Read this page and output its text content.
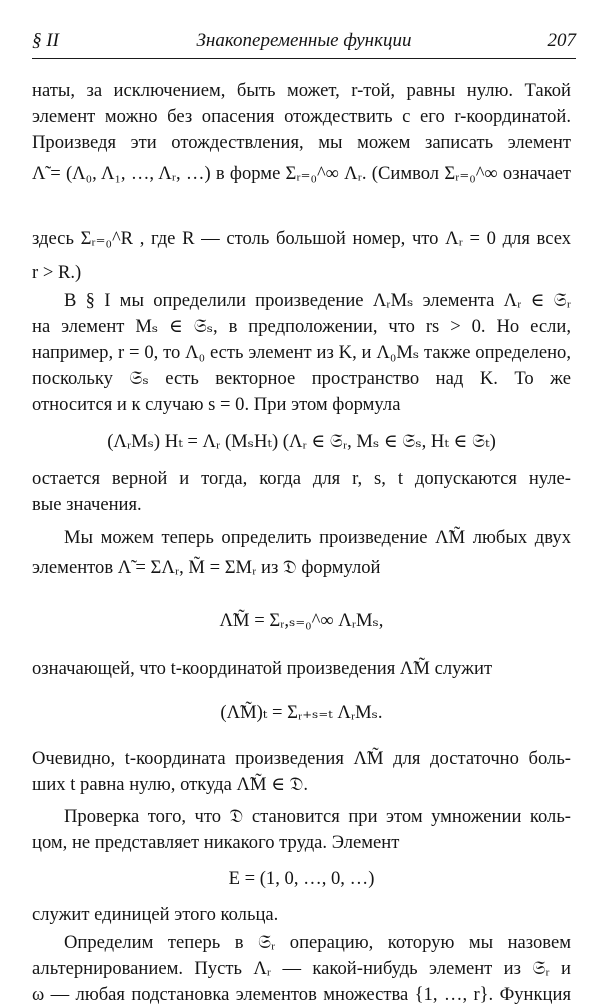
§ II	Знакопеременные функции	207
наты, за исключением, быть может, r-той, равны нулю. Такой
элемент можно без опасения отождествить с его r-координатой.
Произведя эти отождествления, мы можем записать элемент
Λ̃ = (Λ₀, Λ₁, …, Λᵣ, …) в форме Σᵣ₌₀^∞ Λᵣ. (Символ Σᵣ₌₀^∞ означает
здесь Σᵣ₌₀^R , где R — столь большой номер, что Λᵣ = 0 для всех
r > R.)
В § I мы определили произведение ΛᵣMₛ элемента Λᵣ ∈ 𝔖ᵣ
на элемент Mₛ ∈ 𝔖ₛ, в предположении, что rs > 0. Но если,
например, r = 0, то Λ₀ есть элемент из K, и Λ₀Mₛ также определено,
поскольку 𝔖ₛ есть векторное пространство над K. То же
относится и к случаю s = 0. При этом формула
(ΛᵣMₛ) Hₜ = Λᵣ (MₛHₜ) (Λᵣ ∈ 𝔖ᵣ, Mₛ ∈ 𝔖ₛ, Hₜ ∈ 𝔖ₜ)
остается верной и тогда, когда для r, s, t допускаются нуле-
вые значения.
Мы можем теперь определить произведение Λ̃M̃ любых двух
элементов Λ̃ = ΣΛᵣ, M̃ = ΣMᵣ из 𝔇 формулой
Λ̃M̃ = Σᵣ,ₛ₌₀^∞ ΛᵣMₛ,
означающей, что t-координатой произведения Λ̃M̃ служит
(Λ̃M̃)ₜ = Σᵣ₊ₛ₌ₜ ΛᵣMₛ.
Очевидно, t-координата произведения Λ̃M̃ для достаточно боль-
ших t равна нулю, откуда Λ̃M̃ ∈ 𝔇.
Проверка того, что 𝔇 становится при этом умножении коль-
цом, не представляет никакого труда. Элемент
E = (1, 0, …, 0, …)
служит единицей этого кольца.
Определим теперь в 𝔖ᵣ операцию, которую мы назовем
альтернированием. Пусть Λᵣ — какой-нибудь элемент из 𝔖ᵣ и
ω — любая подстановка элементов множества {1, …, r}. Функция
